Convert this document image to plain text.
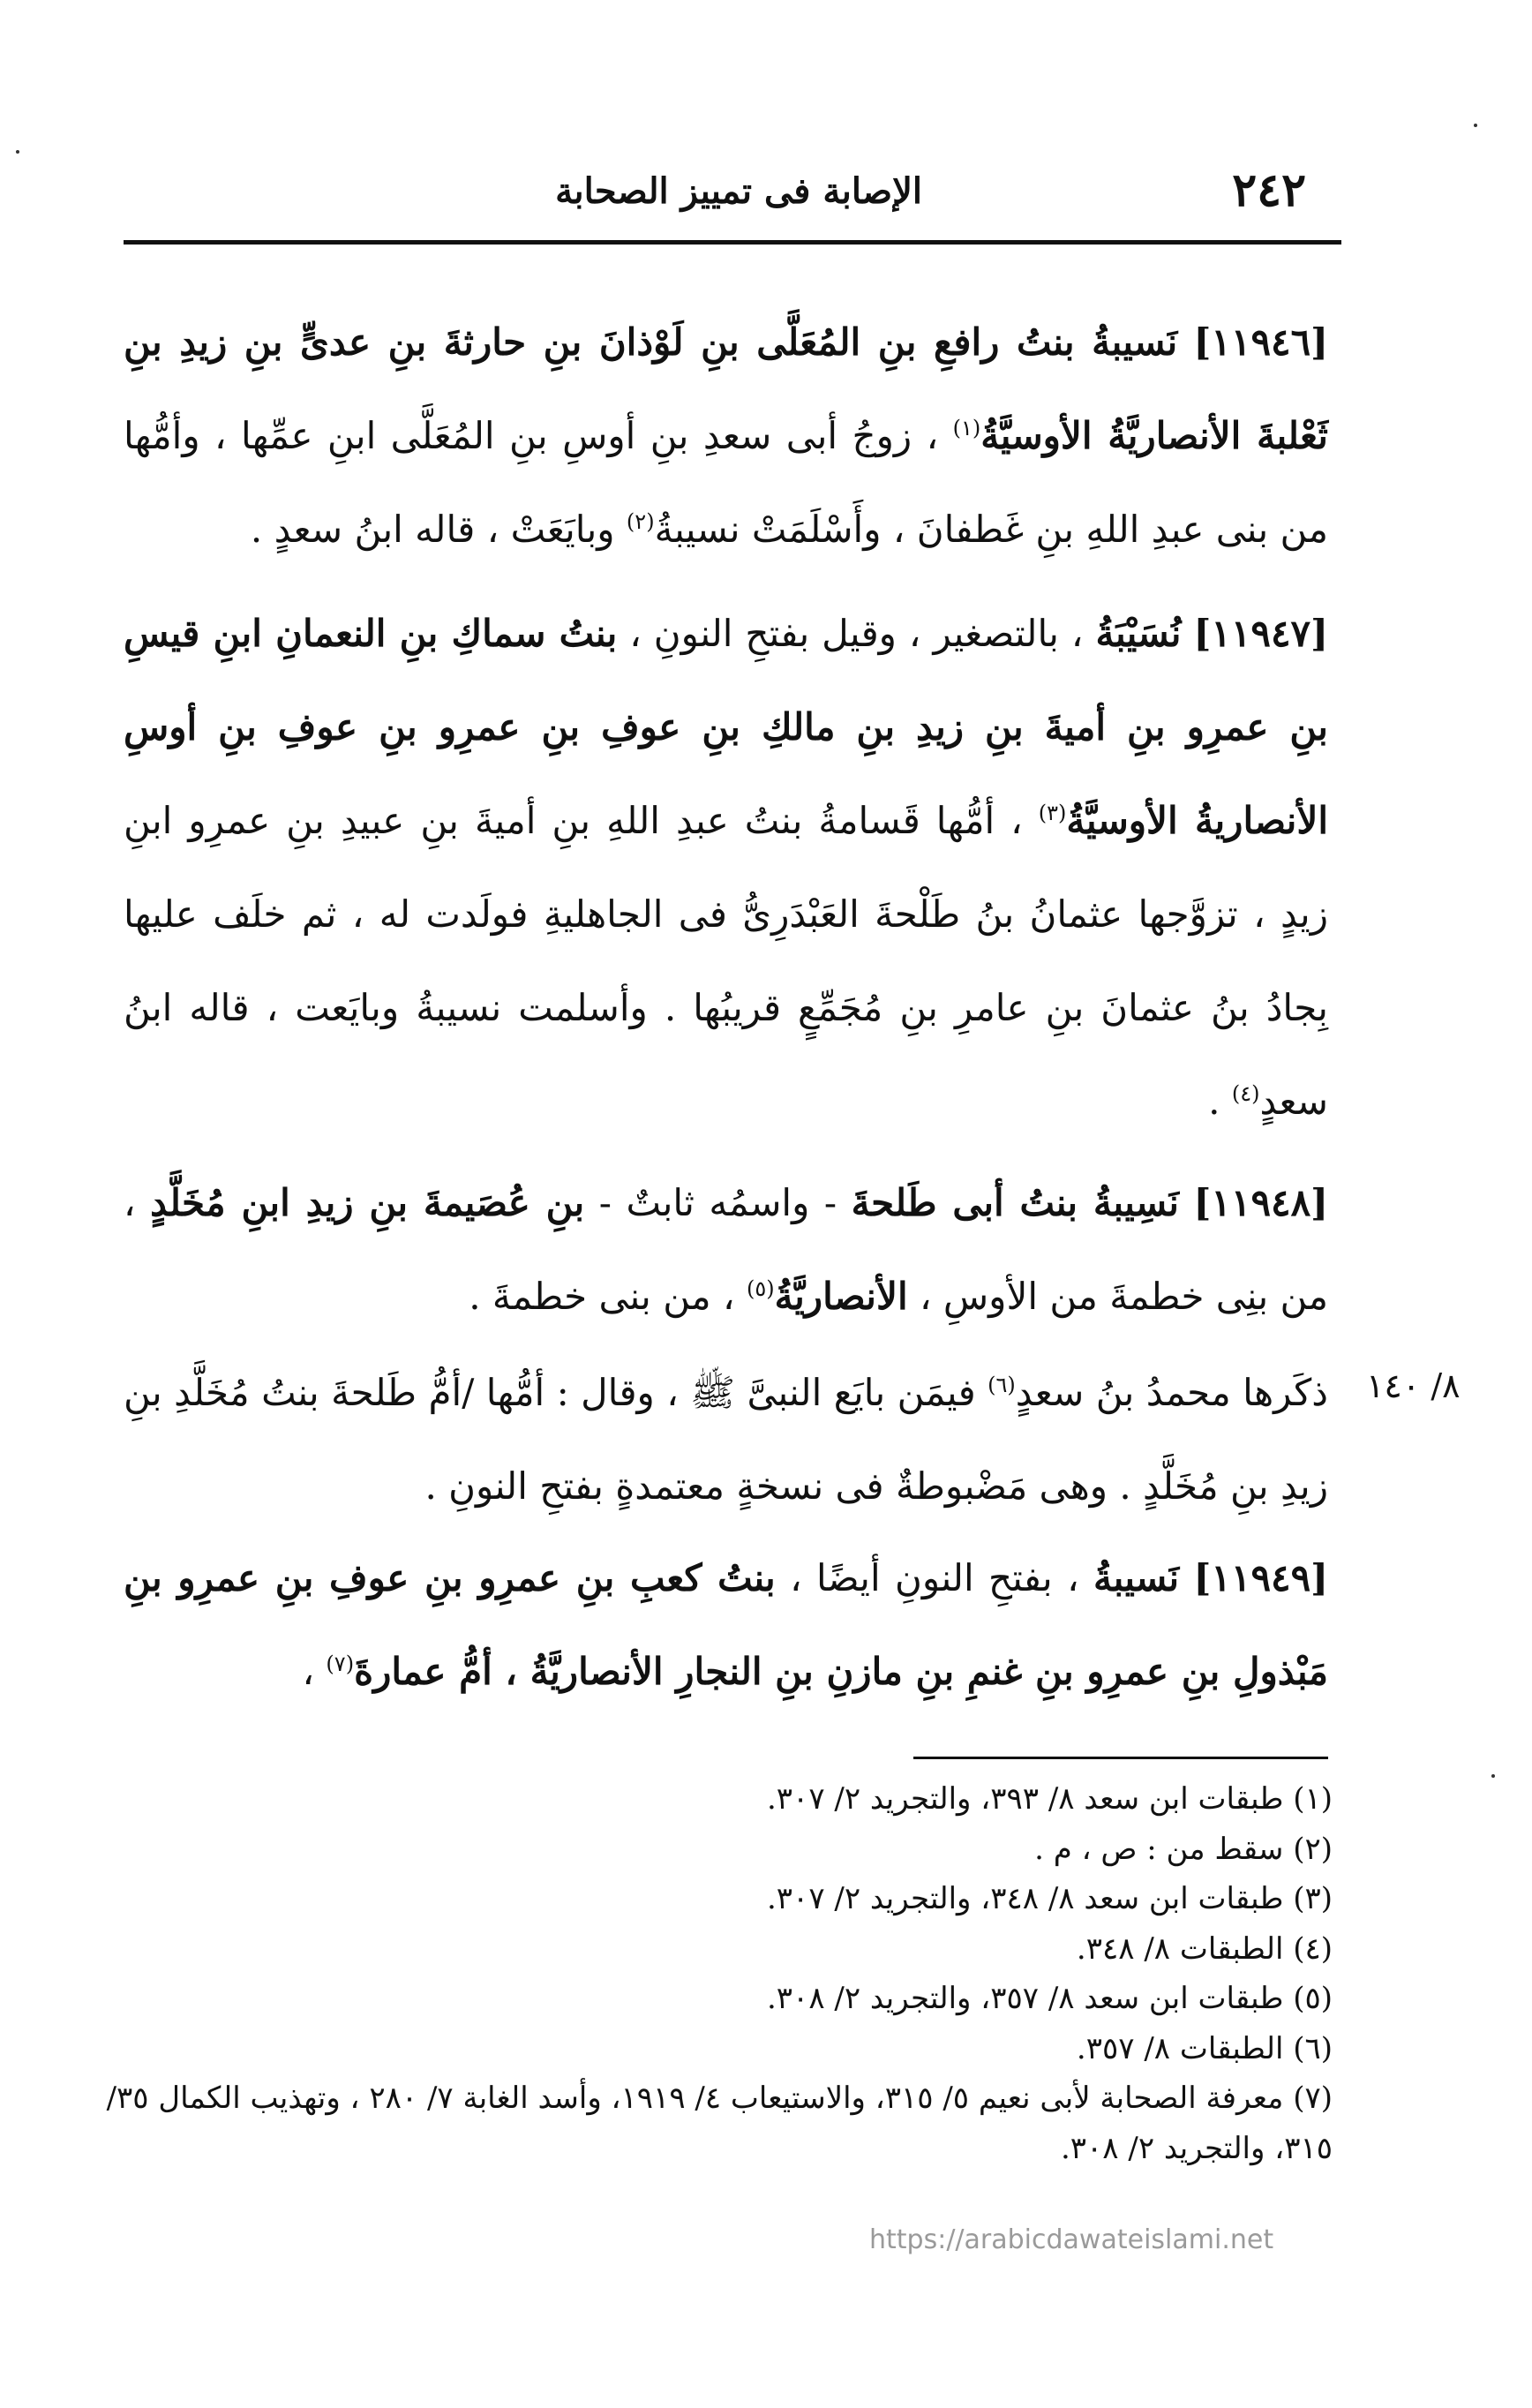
٢٤٢
الإصابة فى تمييز الصحابة
[١١٩٤٦] نَسيبةُ بنتُ رافعِ بنِ المُعَلَّى بنِ لَوْذانَ بنِ حارثةَ بنِ عدىٍّ بنِ زيدِ بنِ ثَعْلبةَ الأنصاريَّةُ الأوسيَّةُ$^{(١)}$ ، زوجُ أبى سعدِ بنِ أوسِ بنِ المُعَلَّى ابنِ عمِّها ، وأمُّها من بنى عبدِ اللهِ بنِ غَطفانَ ، وأَسْلَمَتْ نسيبةُ$^{(٢)}$ وبايَعَتْ ، قاله ابنُ سعدٍ .
[١١٩٤٧] نُسَيْبَةُ ، بالتصغير ، وقيل بفتحِ النونِ ، بنتُ سماكِ بنِ النعمانِ ابنِ قيسِ بنِ عمرِو بنِ أميةَ بنِ زيدِ بنِ مالكِ بنِ عوفِ بنِ عمرِو بنِ عوفِ بنِ أوسِ الأنصاريةُ الأوسيَّةُ$^{(٣)}$ ، أمُّها قَسامةُ بنتُ عبدِ اللهِ بنِ أميةَ بنِ عبيدِ بنِ عمرِو ابنِ زيدٍ ، تزوَّجها عثمانُ بنُ طَلْحةَ العَبْدَرِىُّ فى الجاهليةِ فولَدت له ، ثم خلَف عليها بِجادُ بنُ عثمانَ بنِ عامرِ بنِ مُجَمِّعٍ قريبُها . وأسلمت نسيبةُ وبايَعت ، قاله ابنُ سعدٍ$^{(٤)}$ .
[١١٩٤٨] نَسِيبةُ بنتُ أبى طَلحةَ - واسمُه ثابتٌ - بنِ عُصَيمةَ بنِ زيدِ ابنِ مُخَلَّدٍ ، من بنِى خطمةَ من الأوسِ ، الأنصاريَّةُ$^{(٥)}$ ، من بنى خطمةَ .
ذكَرها محمدُ بنُ سعدٍ$^{(٦)}$ فيمَن بايَع النبىَّ ﷺ ، وقال : أمُّها /أمُّ طَلحةَ بنتُ مُخَلَّدِ بنِ زيدِ بنِ مُخَلَّدٍ . وهى مَضْبوطةٌ فى نسخةٍ معتمدةٍ بفتحِ النونِ .
٨/ ١٤٠
[١١٩٤٩] نَسيبةُ ، بفتحِ النونِ أيضًا ، بنتُ كعبِ بنِ عمرِو بنِ عوفِ بنِ عمرِو بنِ مَبْذولِ بنِ عمرِو بنِ غنمِ بنِ مازنِ بنِ النجارِ الأنصاريَّةُ ، أمُّ عمارةَ$^{(٧)}$ ،
(١) طبقات ابن سعد ٨/ ٣٩٣، والتجريد ٢/ ٣٠٧.
(٢) سقط من : ص ، م .
(٣) طبقات ابن سعد ٨/ ٣٤٨، والتجريد ٢/ ٣٠٧.
(٤) الطبقات ٨/ ٣٤٨.
(٥) طبقات ابن سعد ٨/ ٣٥٧، والتجريد ٢/ ٣٠٨.
(٦) الطبقات ٨/ ٣٥٧.
(٧) معرفة الصحابة لأبى نعيم ٥/ ٣١٥، والاستيعاب ٤/ ١٩١٩، وأسد الغابة ٧/ ٢٨٠ ، وتهذيب الكمال ٣٥/ ٣١٥، والتجريد ٢/ ٣٠٨.
https://arabicdawateislami.net
